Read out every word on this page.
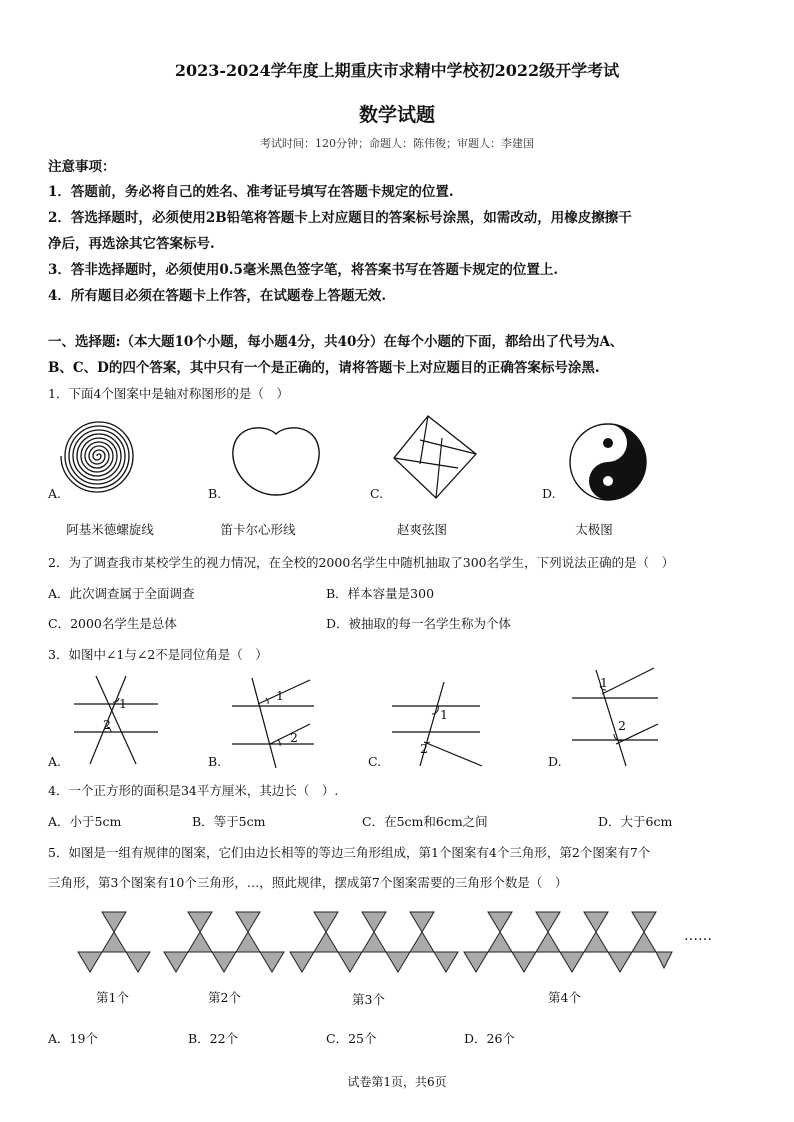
2023-2024学年度上期重庆市求精中学校初2022级开学考试
数学试题
考试时间：120分钟；命题人：陈伟俊；审题人：李建国
注意事项：
1．答题前，务必将自己的姓名、准考证号填写在答题卡规定的位置.
2．答选择题时，必须使用2B铅笔将答题卡上对应题目的答案标号涂黑，如需改动，用橡皮擦擦干
净后，再选涂其它答案标号.
3．答非选择题时，必须使用0.5毫米黑色签字笔，将答案书写在答题卡规定的位置上.
4．所有题目必须在答题卡上作答，在试题卷上答题无效.
一、选择题:（本大题10个小题，每小题4分，共40分）在每个小题的下面，都给出了代号为A、
B、C、D的四个答案，其中只有一个是正确的，请将答题卡上对应题目的正确答案标号涂黑.
1．下面4个图案中是轴对称图形的是（　）
A.
阿基米德螺旋线
B.
笛卡尔心形线
C.
赵爽弦图
D.
太极图
2．为了调查我市某校学生的视力情况，在全校的2000名学生中随机抽取了300名学生，下列说法正确的是（　）
A．此次调查属于全面调查	B．样本容量是300
C．2000名学生是总体	D．被抽取的每一名学生称为个体
3．如图中∠1与∠2不是同位角是（　）
1
2
A.
1
2
B.
1
2
C.
1
2
D.
4．一个正方形的面积是34平方厘米，其边长（　）.
A．小于5cm	B．等于5cm	C．在5cm和6cm之间	D．大于6cm
5．如图是一组有规律的图案，它们由边长相等的等边三角形组成，第1个图案有4个三角形，第2个图案有7个
三角形，第3个图案有10个三角形，…，照此规律，摆成第7个图案需要的三角形个数是（　）
……
第1个	第2个	第3个	第4个
A．19个	B．22个	C．25个	D．26个
试卷第1页，共6页
